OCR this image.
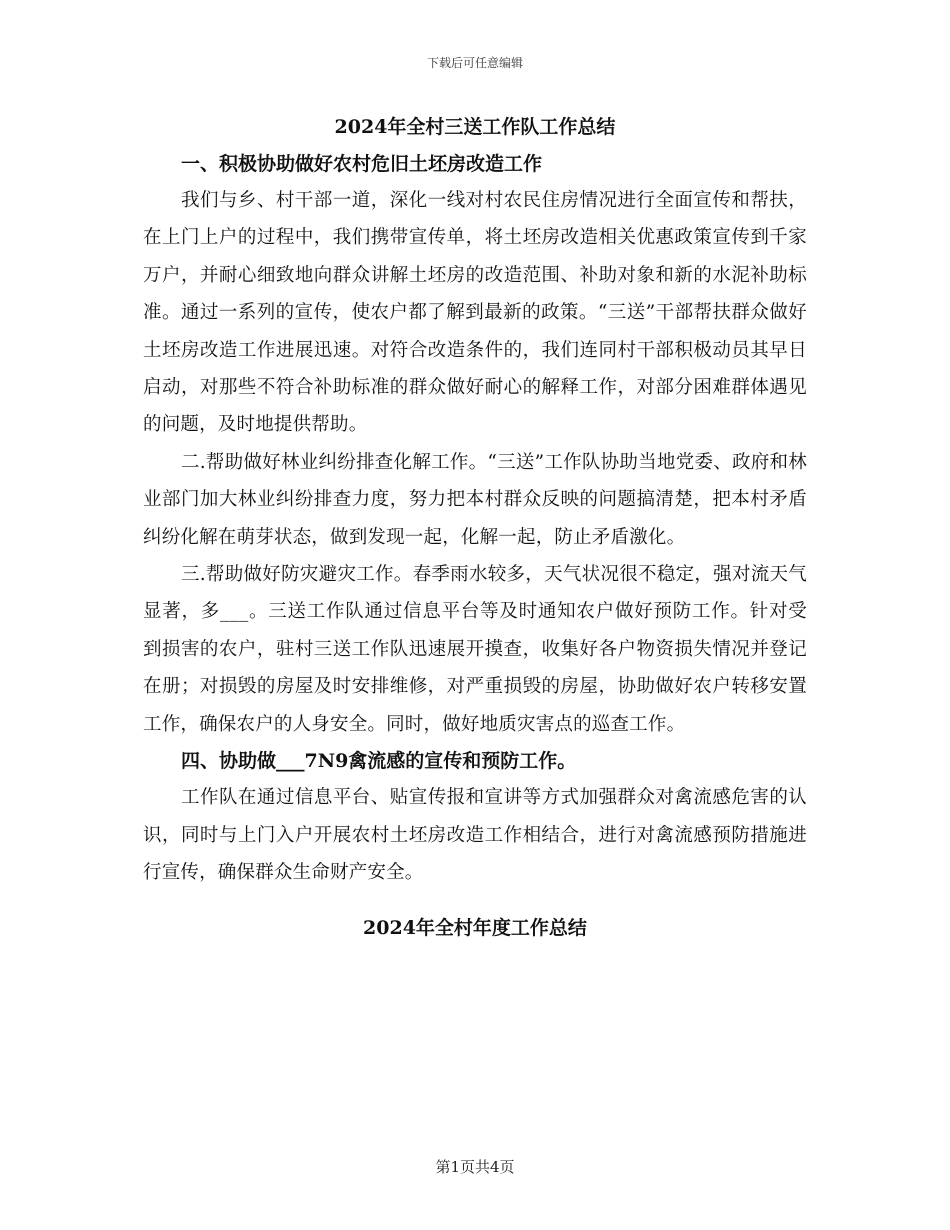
下载后可任意编辑
2024年全村三送工作队工作总结

一、积极协助做好农村危旧土坯房改造工作

我们与乡、村干部一道，深化一线对村农民住房情况进行全面宣传和帮扶，在上门上户的过程中，我们携带宣传单，将土坯房改造相关优惠政策宣传到千家万户，并耐心细致地向群众讲解土坯房的改造范围、补助对象和新的水泥补助标准。通过一系列的宣传，使农户都了解到最新的政策。“三送”干部帮扶群众做好土坯房改造工作进展迅速。对符合改造条件的，我们连同村干部积极动员其早日启动，对那些不符合补助标准的群众做好耐心的解释工作，对部分困难群体遇见的问题，及时地提供帮助。

二.帮助做好林业纠纷排查化解工作。“三送”工作队协助当地党委、政府和林业部门加大林业纠纷排查力度，努力把本村群众反映的问题搞清楚，把本村矛盾纠纷化解在萌芽状态，做到发现一起，化解一起，防止矛盾激化。

三.帮助做好防灾避灾工作。春季雨水较多，天气状况很不稳定，强对流天气显著，多___。三送工作队通过信息平台等及时通知农户做好预防工作。针对受到损害的农户，驻村三送工作队迅速展开摸查，收集好各户物资损失情况并登记在册；对损毁的房屋及时安排维修，对严重损毁的房屋，协助做好农户转移安置工作，确保农户的人身安全。同时，做好地质灾害点的巡查工作。

四、协助做___7N9禽流感的宣传和预防工作。

工作队在通过信息平台、贴宣传报和宣讲等方式加强群众对禽流感危害的认识，同时与上门入户开展农村土坯房改造工作相结合，进行对禽流感预防措施进行宣传，确保群众生命财产安全。

2024年全村年度工作总结
第1页共4页
